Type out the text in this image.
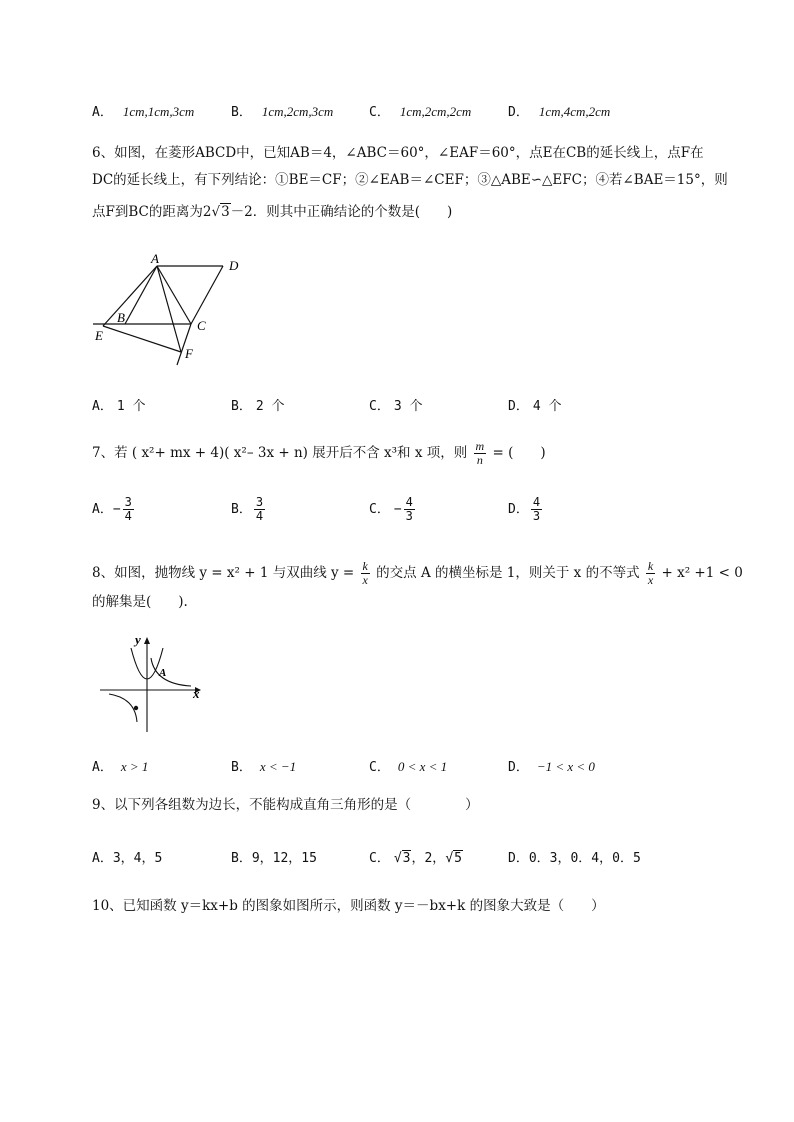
A． 1cm,1cm,3cm	B． 1cm,2cm,3cm	C． 1cm,2cm,2cm	D． 1cm,4cm,2cm
6、如图，在菱形ABCD中，已知AB＝4，∠ABC＝60°，∠EAF＝60°，点E在CB的延长线上，点F在
DC的延长线上，有下列结论：①BE＝CF；②∠EAB＝∠CEF；③△ABE∽△EFC；④若∠BAE＝15°，则
点F到BC的距离为2√3－2．则其中正确结论的个数是(　　)
A	D
B
C
E
F
A． 1 个	B． 2 个	C． 3 个	D． 4 个
7、若 ( x²+ mx + 4)( x²– 3x + n) 展开后不含 x³和 x 项，则 $\frac{m}{n}$ = (　　)
A．− $\frac{3}{4}$	B． $\frac{3}{4}$	C． − $\frac{4}{3}$	D． $\frac{4}{3}$
8、如图，抛物线 y = x² + 1 与双曲线 $y = \frac{k}{x}$ 的交点 A 的横坐标是 1，则关于 x 的不等式 $\frac{k}{x} + x^2 +1 < 0$
的解集是(　　).
y
x
A
A． x > 1	B． x < −1	C． 0 < x < 1	D． −1 < x < 0
9、以下列各组数为边长，不能构成直角三角形的是（　　　　）
A．3，4，5	B．9，12，15	C． √3，2，√5	D．0．3，0．4，0．5
10、已知函数 y＝kx+b 的图象如图所示，则函数 y＝－bx+k 的图象大致是（　　）
